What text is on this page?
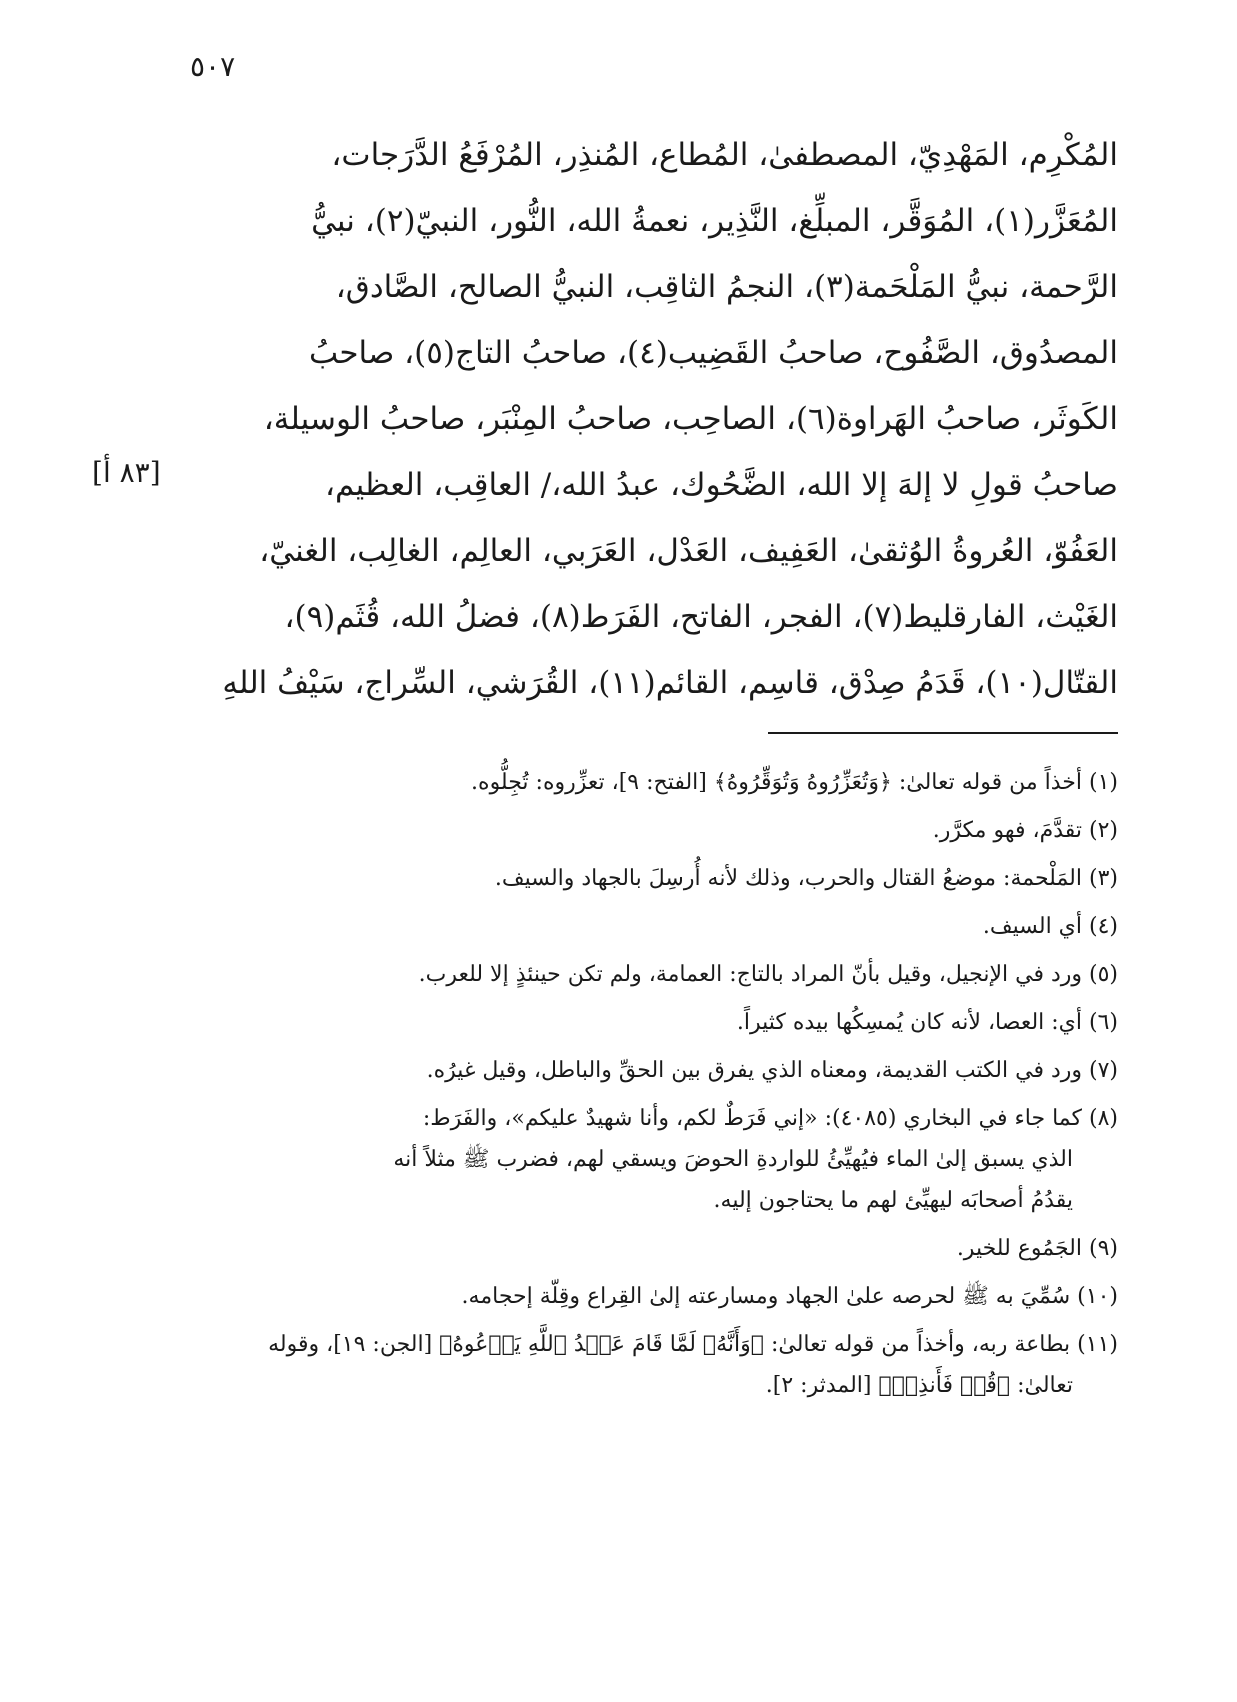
٥٠٧
[٨٣ أ]
المُكْرِم، المَهْدِيّ، المصطفىٰ، المُطاع، المُنذِر، المُرْفَعُ الدَّرَجات،
المُعَزَّر(١)، المُوَقَّر، المبلِّغ، النَّذِير، نعمةُ الله، النُّور، النبيّ(٢)، نبيُّ
الرَّحمة، نبيُّ المَلْحَمة(٣)، النجمُ الثاقِب، النبيُّ الصالح، الصَّادق،
المصدُوق، الصَّفُوح، صاحبُ القَضِيب(٤)، صاحبُ التاج(٥)، صاحبُ
الكَوثَر، صاحبُ الهَراوة(٦)، الصاحِب، صاحبُ المِنْبَر، صاحبُ الوسيلة،
صاحبُ قولِ لا إلهَ إلا الله، الضَّحُوك، عبدُ الله،/ العاقِب، العظيم،
العَفُوّ، العُروةُ الوُثقىٰ، العَفِيف، العَدْل، العَرَبي، العالِم، الغالِب، الغنيّ،
الغَيْث، الفارقليط(٧)، الفجر، الفاتح، الفَرَط(٨)، فضلُ الله، قُثَم(٩)،
القتّال(١٠)، قَدَمُ صِدْق، قاسِم، القائم(١١)، القُرَشي، السِّراج، سَيْفُ اللهِ
(١) أخذاً من قوله تعالىٰ: ﴿وَتُعَزِّرُوهُ وَتُوَقِّرُوهُ﴾ [الفتح: ٩]، تعزِّروه: تُجِلُّوه.
(٢) تقدَّمَ، فهو مكرَّر.
(٣) المَلْحمة: موضعُ القتال والحرب، وذلك لأنه أُرسِلَ بالجهاد والسيف.
(٤) أي السيف.
(٥) ورد في الإنجيل، وقيل بأنّ المراد بالتاج: العمامة، ولم تكن حينئذٍ إلا للعرب.
(٦) أي: العصا، لأنه كان يُمسِكُها بيده كثيراً.
(٧) ورد في الكتب القديمة، ومعناه الذي يفرق بين الحقِّ والباطل، وقيل غيرُه.
(٨) كما جاء في البخاري (٤٠٨٥): «إني فَرَطٌ لكم، وأنا شهيدٌ عليكم»، والفَرَط:
الذي يسبق إلىٰ الماء فيُهيِّئُ للواردةِ الحوضَ ويسقي لهم، فضرب ﷺ مثلاً أنه
يقدُمُ أصحابَه ليهيِّئ لهم ما يحتاجون إليه.
(٩) الجَمُوع للخير.
(١٠) سُمِّيَ به ﷺ لحرصه علىٰ الجهاد ومسارعته إلىٰ القِراع وقِلّة إحجامه.
(١١) بطاعة ربه، وأخذاً من قوله تعالىٰ: ﴿وَأَنَّهُۥ لَمَّا قَامَ عَبۡدُ ٱللَّهِ يَدۡعُوهُ﴾ [الجن: ١٩]، وقوله
تعالىٰ: ﴿قُمۡ فَأَنذِرۡ﴾ [المدثر: ٢].
